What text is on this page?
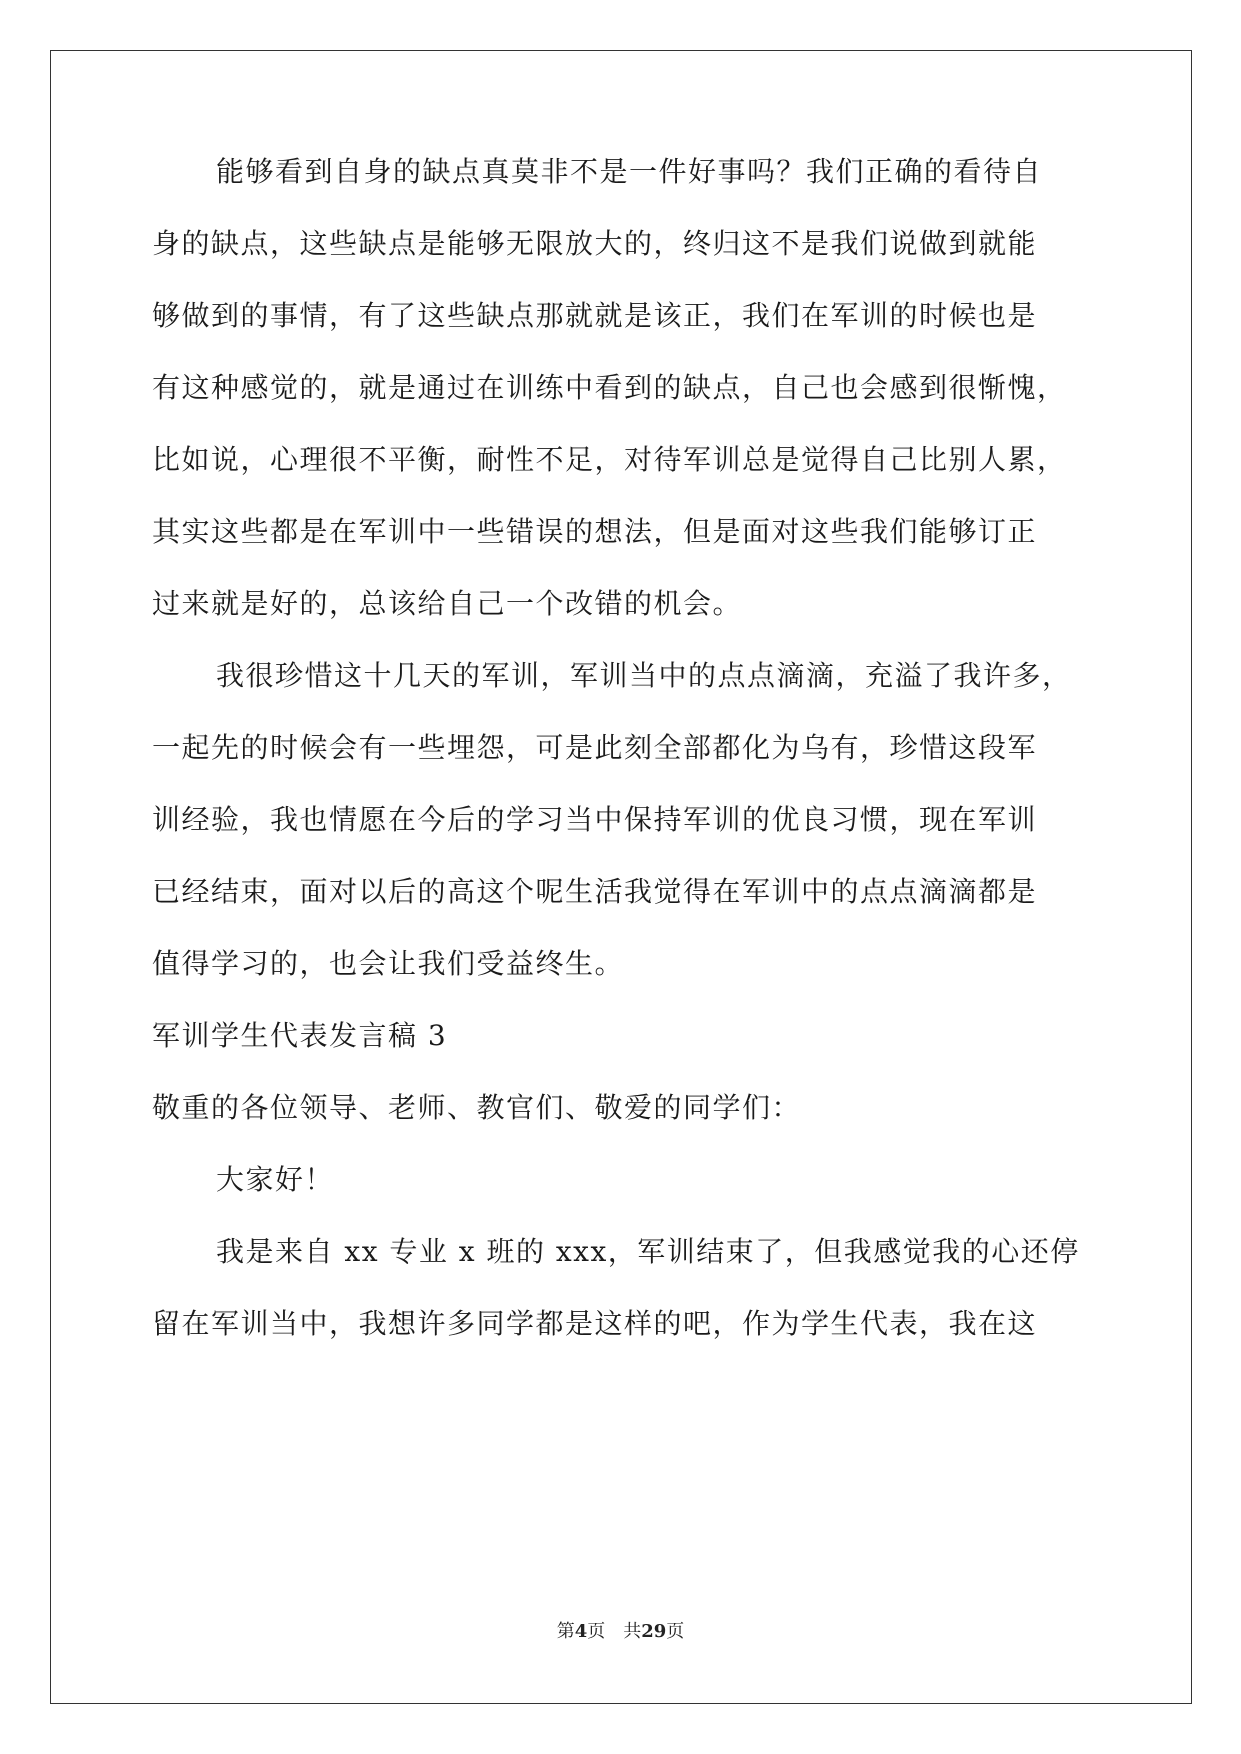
能够看到自身的缺点真莫非不是一件好事吗？我们正确的看待自
身的缺点，这些缺点是能够无限放大的，终归这不是我们说做到就能
够做到的事情，有了这些缺点那就就是该正，我们在军训的时候也是
有这种感觉的，就是通过在训练中看到的缺点，自己也会感到很惭愧，
比如说，心理很不平衡，耐性不足，对待军训总是觉得自己比别人累，
其实这些都是在军训中一些错误的想法，但是面对这些我们能够订正
过来就是好的，总该给自己一个改错的机会。
我很珍惜这十几天的军训，军训当中的点点滴滴，充溢了我许多，
一起先的时候会有一些埋怨，可是此刻全部都化为乌有，珍惜这段军
训经验，我也情愿在今后的学习当中保持军训的优良习惯，现在军训
已经结束，面对以后的高这个呢生活我觉得在军训中的点点滴滴都是
值得学习的，也会让我们受益终生。
军训学生代表发言稿 3
敬重的各位领导、老师、教官们、敬爱的同学们：
大家好！
我是来自 xx 专业 x 班的 xxx，军训结束了，但我感觉我的心还停
留在军训当中，我想许多同学都是这样的吧，作为学生代表，我在这
第4页　共29页
